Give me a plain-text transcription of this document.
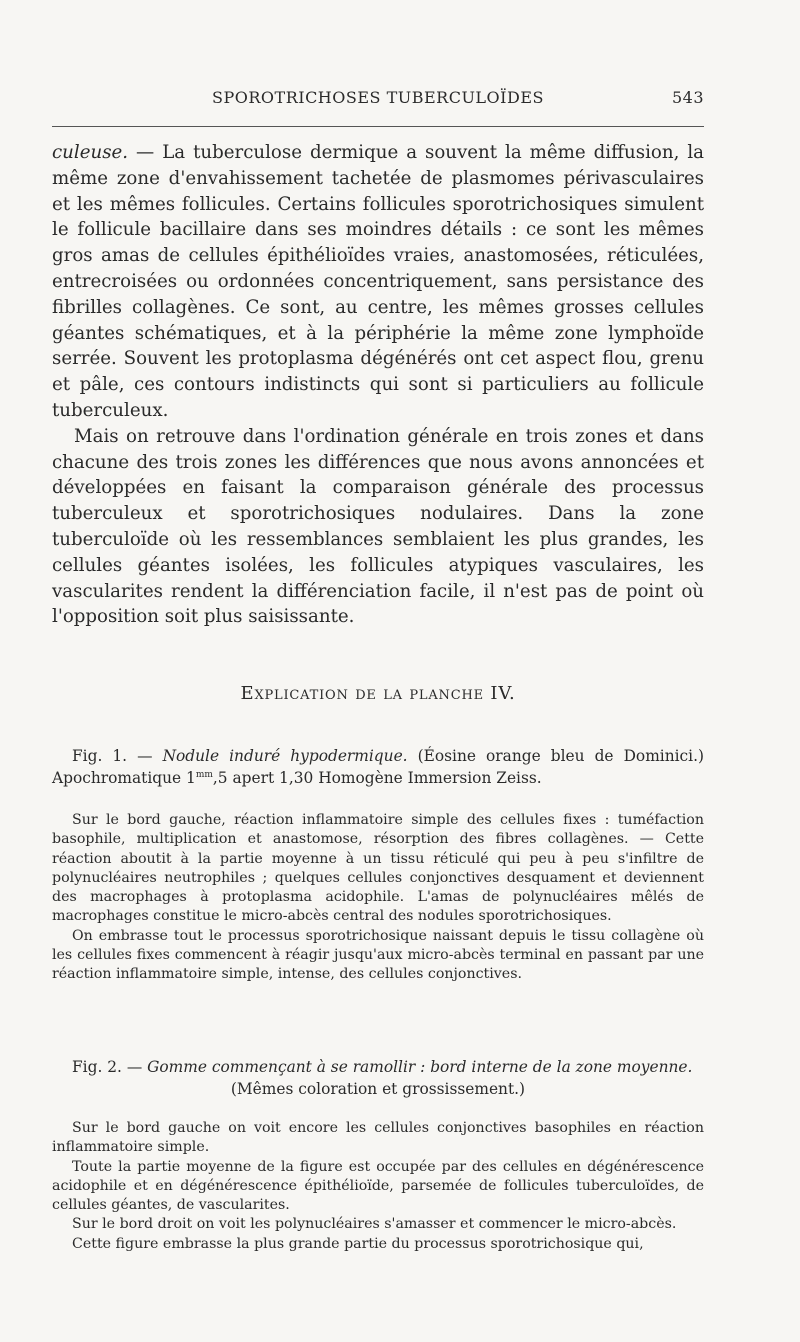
SPOROTRICHOSES TUBERCULOÏDES	543

culeuse. — La tuberculose dermique a souvent la même diffusion, la même zone d'envahissement tachetée de plasmomes périvasculaires et les mêmes follicules. Certains follicules sporotrichosiques simulent le follicule bacillaire dans ses moindres détails : ce sont les mêmes gros amas de cellules épithélioïdes vraies, anastomosées, réticulées, entrecroisées ou ordonnées concentriquement, sans persistance des fibrilles collagènes. Ce sont, au centre, les mêmes grosses cellules géantes schématiques, et à la périphérie la même zone lymphoïde serrée. Souvent les protoplasma dégénérés ont cet aspect flou, grenu et pâle, ces contours indistincts qui sont si particuliers au follicule tuberculeux.

Mais on retrouve dans l'ordination générale en trois zones et dans chacune des trois zones les différences que nous avons annoncées et développées en faisant la comparaison générale des processus tuberculeux et sporotrichosiques nodulaires. Dans la zone tuberculoïde où les ressemblances semblaient les plus grandes, les cellules géantes isolées, les follicules atypiques vasculaires, les vascularites rendent la différenciation facile, il n'est pas de point où l'opposition soit plus saisissante.

Explication de la planche IV.

Fig. 1. — Nodule induré hypodermique. (Éosine orange bleu de Dominici.) Apochromatique $1^{mm},5$ apert 1,30 Homogène Immersion Zeiss.

Sur le bord gauche, réaction inflammatoire simple des cellules fixes : tuméfaction basophile, multiplication et anastomose, résorption des fibres collagènes. — Cette réaction aboutit à la partie moyenne à un tissu réticulé qui peu à peu s'infiltre de polynucléaires neutrophiles ; quelques cellules conjonctives desquament et deviennent des macrophages à protoplasma acidophile. L'amas de polynucléaires mêlés de macrophages constitue le micro-abcès central des nodules sporotrichosiques.

On embrasse tout le processus sporotrichosique naissant depuis le tissu collagène où les cellules fixes commencent à réagir jusqu'aux micro-abcès terminal en passant par une réaction inflammatoire simple, intense, des cellules conjonctives.

Fig. 2. — Gomme commençant à se ramollir : bord interne de la zone moyenne.

(Mêmes coloration et grossissement.)

Sur le bord gauche on voit encore les cellules conjonctives basophiles en réaction inflammatoire simple.

Toute la partie moyenne de la figure est occupée par des cellules en dégénérescence acidophile et en dégénérescence épithélioïde, parsemée de follicules tuberculoïdes, de cellules géantes, de vascularites.

Sur le bord droit on voit les polynucléaires s'amasser et commencer le micro-abcès.

Cette figure embrasse la plus grande partie du processus sporotrichosique qui,
